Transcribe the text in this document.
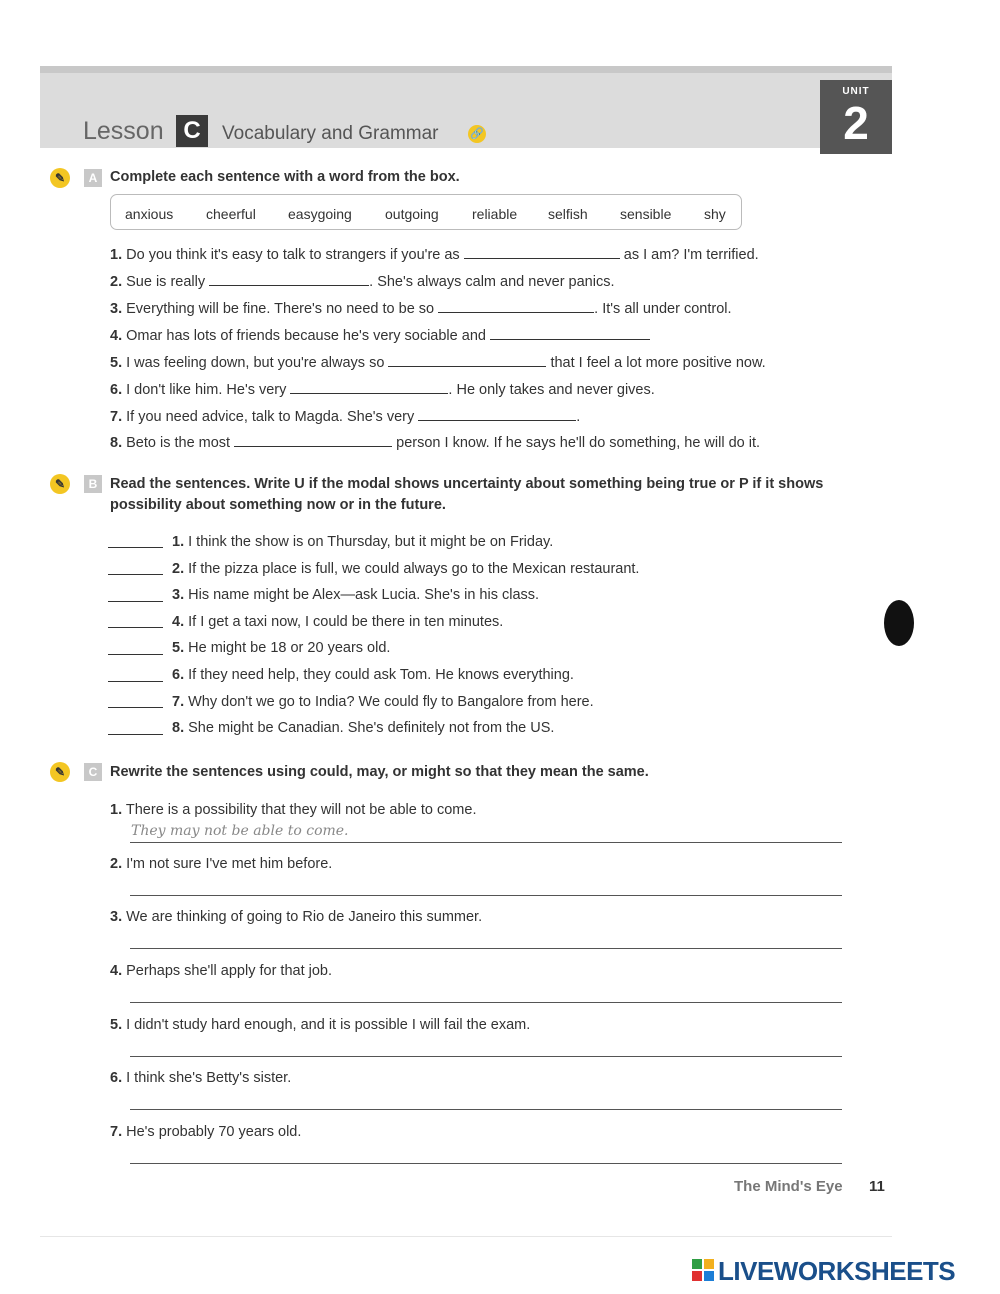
Lesson C	Vocabulary and Grammar	🔗
UNIT
2
✎	A Complete each sentence with a word from the box.
anxious cheerful easygoing outgoing reliable selfish sensible shy
1. Do you think it's easy to talk to strangers if you're as	as I am? I'm terrified.
2. Sue is really	. She's always calm and never panics.
3. Everything will be fine. There's no need to be so	. It's all under control.
4. Omar has lots of friends because he's very sociable and
5. I was feeling down, but you're always so	that I feel a lot more positive now.
6. I don't like him. He's very	. He only takes and never gives.
7. If you need advice, talk to Magda. She's very	.
8. Beto is the most	person I know. If he says he'll do something, he will do it.
✎	B Read the sentences. Write U if the modal shows uncertainty about something being true or P if it shows
possibility about something now or in the future.
1. I think the show is on Thursday, but it might be on Friday.
2. If the pizza place is full, we could always go to the Mexican restaurant.
3. His name might be Alex—ask Lucia. She's in his class.
4. If I get a taxi now, I could be there in ten minutes.
5. He might be 18 or 20 years old.
6. If they need help, they could ask Tom. He knows everything.
7. Why don't we go to India? We could fly to Bangalore from here.
8. She might be Canadian. She's definitely not from the US.
✎	C Rewrite the sentences using could, may, or might so that they mean the same.
1. There is a possibility that they will not be able to come.
They may not be able to come.
2. I'm not sure I've met him before.
3. We are thinking of going to Rio de Janeiro this summer.
4. Perhaps she'll apply for that job.
5. I didn't study hard enough, and it is possible I will fail the exam.
6. I think she's Betty's sister.
7. He's probably 70 years old.
The Mind's Eye 11
LIVEWORKSHEETS
